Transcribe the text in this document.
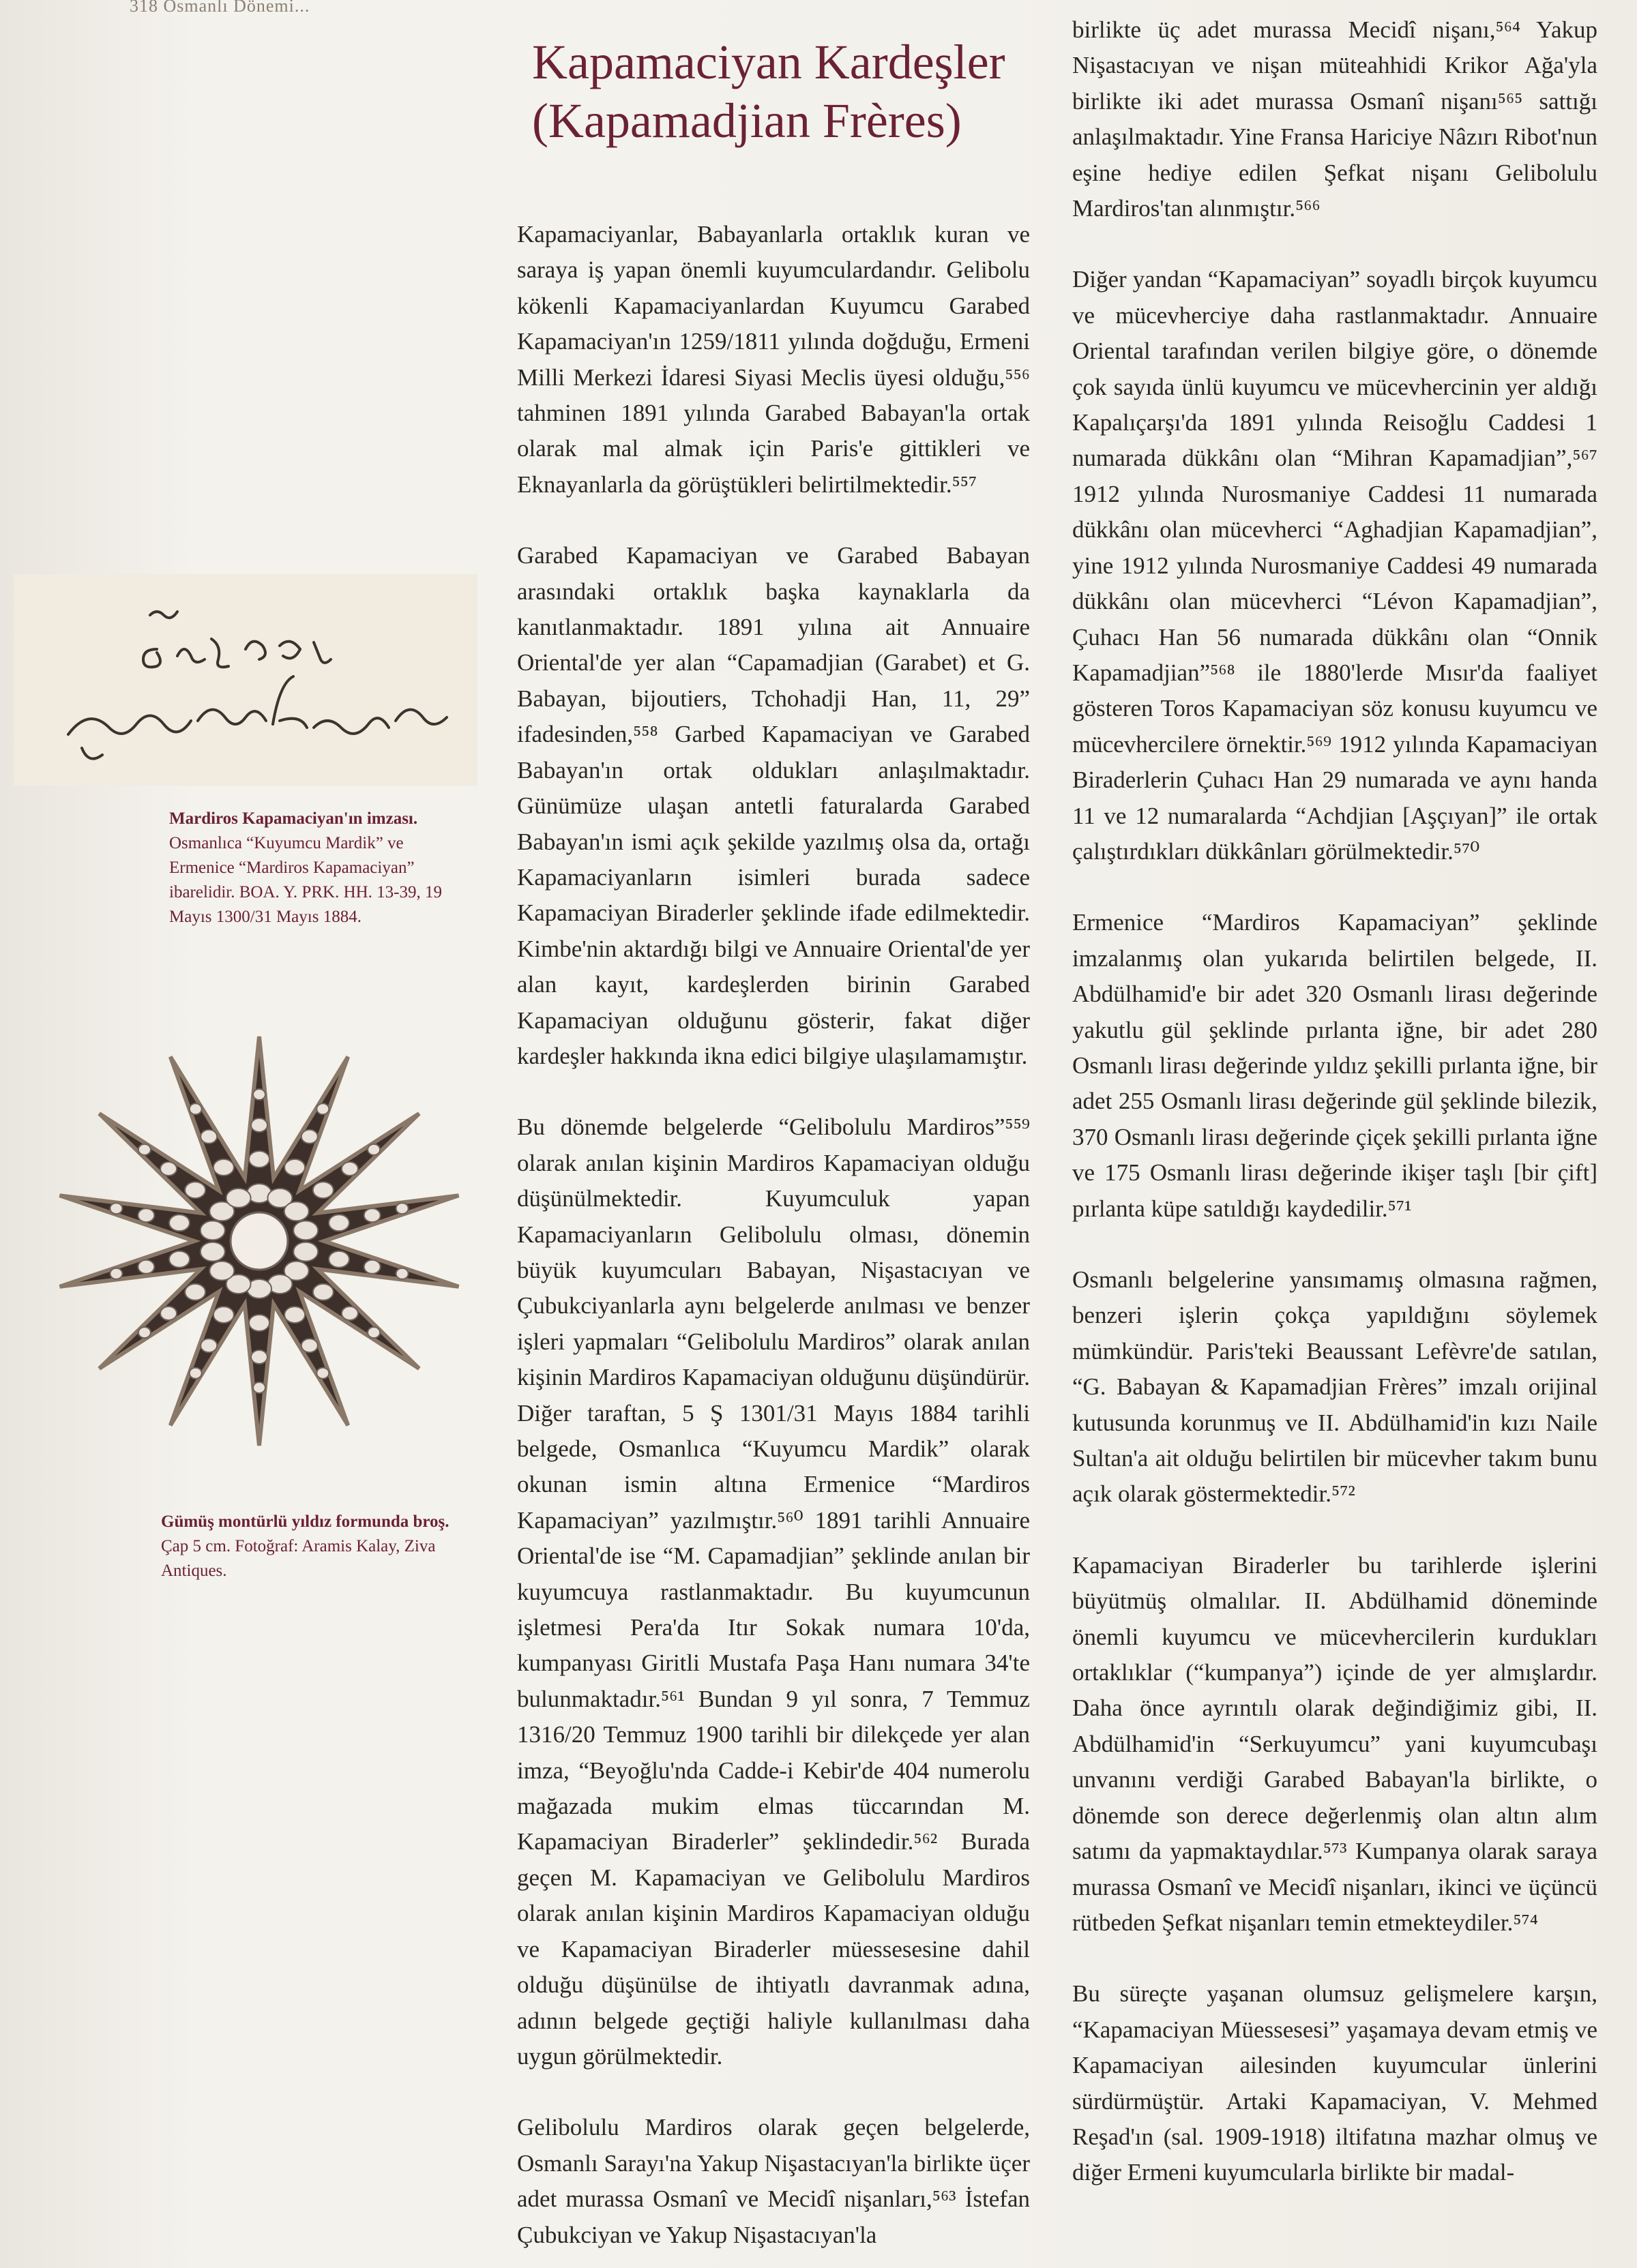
318 Osmanlı Dönemi...
Kapamaciyan Kardeşler
(Kapamadjian Frères)
Mardiros Kapamaciyan'ın imzası. Osmanlıca “Kuyumcu Mardik” ve Ermenice “Mardiros Kapamaciyan” ibarelidir. BOA. Y. PRK. HH. 13-39, 19 Mayıs 1300/31 Mayıs 1884.
Gümüş montürlü yıldız formunda broş. Çap 5 cm. Fotoğraf: Aramis Kalay, Ziva Antiques.

Kapamaciyanlar, Babayanlarla ortaklık kuran ve saraya iş yapan önemli kuyumculardandır. Gelibolu kökenli Kapamaciyanlardan Kuyumcu Garabed Kapamaciyan'ın 1259/1811 yılında doğduğu, Ermeni Milli Merkezi İdaresi Siyasi Meclis üyesi olduğu,⁵⁵⁶ tahminen 1891 yılında Garabed Babayan'la ortak olarak mal almak için Paris'e gittikleri ve Eknayanlarla da görüştükleri belirtilmektedir.⁵⁵⁷

Garabed Kapamaciyan ve Garabed Babayan arasındaki ortaklık başka kaynaklarla da kanıtlanmaktadır. 1891 yılına ait Annuaire Oriental'de yer alan “Capamadjian (Garabet) et G. Babayan, bijoutiers, Tchohadji Han, 11, 29” ifadesinden,⁵⁵⁸ Garbed Kapamaciyan ve Garabed Babayan'ın ortak oldukları anlaşılmaktadır. Günümüze ulaşan antetli faturalarda Garabed Babayan'ın ismi açık şekilde yazılmış olsa da, ortağı Kapamaciyanların isimleri burada sadece Kapamaciyan Biraderler şeklinde ifade edilmektedir. Kimbe'nin aktardığı bilgi ve Annuaire Oriental'de yer alan kayıt, kardeşlerden birinin Garabed Kapamaciyan olduğunu gösterir, fakat diğer kardeşler hakkında ikna edici bilgiye ulaşılamamıştır.

Bu dönemde belgelerde “Gelibolulu Mardiros”⁵⁵⁹ olarak anılan kişinin Mardiros Kapamaciyan olduğu düşünülmektedir. Kuyumculuk yapan Kapamaciyanların Gelibolulu olması, dönemin büyük kuyumcuları Babayan, Nişastacıyan ve Çubukciyanlarla aynı belgelerde anılması ve benzer işleri yapmaları “Gelibolulu Mardiros” olarak anılan kişinin Mardiros Kapamaciyan olduğunu düşündürür. Diğer taraftan, 5 Ş 1301/31 Mayıs 1884 tarihli belgede, Osmanlıca “Kuyumcu Mardik” olarak okunan ismin altına Ermenice “Mardiros Kapamaciyan” yazılmıştır.⁵⁶⁰ 1891 tarihli Annuaire Oriental'de ise “M. Capamadjian” şeklinde anılan bir kuyumcuya rastlanmaktadır. Bu kuyumcunun işletmesi Pera'da Itır Sokak numara 10'da, kumpanyası Giritli Mustafa Paşa Hanı numara 34'te bulunmaktadır.⁵⁶¹ Bundan 9 yıl sonra, 7 Temmuz 1316/20 Temmuz 1900 tarihli bir dilekçede yer alan imza, “Beyoğlu'nda Cadde-i Kebir'de 404 numerolu mağazada mukim elmas tüccarından M. Kapamaciyan Biraderler” şeklindedir.⁵⁶² Burada geçen M. Kapamaciyan ve Gelibolulu Mardiros olarak anılan kişinin Mardiros Kapamaciyan olduğu ve Kapamaciyan Biraderler müessesesine dahil olduğu düşünülse de ihtiyatlı davranmak adına, adının belgede geçtiği haliyle kullanılması daha uygun görülmektedir.

Gelibolulu Mardiros olarak geçen belgelerde, Osmanlı Sarayı'na Yakup Nişastacıyan'la birlikte üçer adet murassa Osmanî ve Mecidî nişanları,⁵⁶³ İstefan Çubukciyan ve Yakup Nişastacıyan'la

birlikte üç adet murassa Mecidî nişanı,⁵⁶⁴ Yakup Nişastacıyan ve nişan müteahhidi Krikor Ağa'yla birlikte iki adet murassa Osmanî nişanı⁵⁶⁵ sattığı anlaşılmaktadır. Yine Fransa Hariciye Nâzırı Ribot'nun eşine hediye edilen Şefkat nişanı Gelibolulu Mardiros'tan alınmıştır.⁵⁶⁶

Diğer yandan “Kapamaciyan” soyadlı birçok kuyumcu ve mücevherciye daha rastlanmaktadır. Annuaire Oriental tarafından verilen bilgiye göre, o dönemde çok sayıda ünlü kuyumcu ve mücevhercinin yer aldığı Kapalıçarşı'da 1891 yılında Reisoğlu Caddesi 1 numarada dükkânı olan “Mihran Kapamadjian”,⁵⁶⁷ 1912 yılında Nurosmaniye Caddesi 11 numarada dükkânı olan mücevherci “Aghadjian Kapamadjian”, yine 1912 yılında Nurosmaniye Caddesi 49 numarada dükkânı olan mücevherci “Lévon Kapamadjian”, Çuhacı Han 56 numarada dükkânı olan “Onnik Kapamadjian”⁵⁶⁸ ile 1880'lerde Mısır'da faaliyet gösteren Toros Kapamaciyan söz konusu kuyumcu ve mücevhercilere örnektir.⁵⁶⁹ 1912 yılında Kapamaciyan Biraderlerin Çuhacı Han 29 numarada ve aynı handa 11 ve 12 numaralarda “Achdjian [Aşçıyan]” ile ortak çalıştırdıkları dükkânları görülmektedir.⁵⁷⁰

Ermenice “Mardiros Kapamaciyan” şeklinde imzalanmış olan yukarıda belirtilen belgede, II. Abdülhamid'e bir adet 320 Osmanlı lirası değerinde yakutlu gül şeklinde pırlanta iğne, bir adet 280 Osmanlı lirası değerinde yıldız şekilli pırlanta iğne, bir adet 255 Osmanlı lirası değerinde gül şeklinde bilezik, 370 Osmanlı lirası değerinde çiçek şekilli pırlanta iğne ve 175 Osmanlı lirası değerinde ikişer taşlı [bir çift] pırlanta küpe satıldığı kaydedilir.⁵⁷¹

Osmanlı belgelerine yansımamış olmasına rağmen, benzeri işlerin çokça yapıldığını söylemek mümkündür. Paris'teki Beaussant Lefèvre'de satılan, “G. Babayan & Kapamadjian Frères” imzalı orijinal kutusunda korunmuş ve II. Abdülhamid'in kızı Naile Sultan'a ait olduğu belirtilen bir mücevher takım bunu açık olarak göstermektedir.⁵⁷²

Kapamaciyan Biraderler bu tarihlerde işlerini büyütmüş olmalılar. II. Abdülhamid döneminde önemli kuyumcu ve mücevhercilerin kurdukları ortaklıklar (“kumpanya”) içinde de yer almışlardır. Daha önce ayrıntılı olarak değindiğimiz gibi, II. Abdülhamid'in “Serkuyumcu” yani kuyumcubaşı unvanını verdiği Garabed Babayan'la birlikte, o dönemde son derece değerlenmiş olan altın alım satımı da yapmaktaydılar.⁵⁷³ Kumpanya olarak saraya murassa Osmanî ve Mecidî nişanları, ikinci ve üçüncü rütbeden Şefkat nişanları temin etmekteydiler.⁵⁷⁴

Bu süreçte yaşanan olumsuz gelişmelere karşın, “Kapamaciyan Müessesesi” yaşamaya devam etmiş ve Kapamaciyan ailesinden kuyumcular ünlerini sürdürmüştür. Artaki Kapamaciyan, V. Mehmed Reşad'ın (sal. 1909-1918) iltifatına mazhar olmuş ve diğer Ermeni kuyumcularla birlikte bir madal-
